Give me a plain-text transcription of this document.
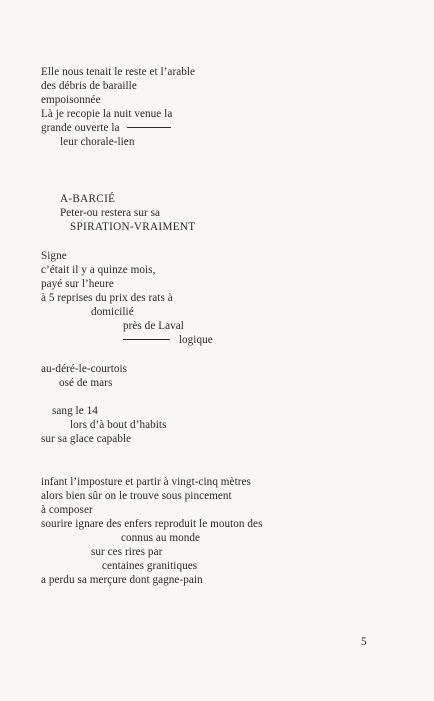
Elle nous tenait le reste et l’arable
des débris de baraille
empoisonnée
Là je recopie la nuit venue la
grande ouverte la
leur chorale-lien
A-BARCIÉ
Peter-ou restera sur sa
SPIRATION-VRAIMENT
Signe
c’était il y a quinze mois,
payé sur l’heure
à 5 reprises du prix des rats à
domicilié
près de Laval
logique
au-déré-le-courtois
osé de mars
sang le 14
lors d’à bout d’habits
sur sa glace capable
infant l’imposture et partir à vingt-cinq mètres
alors bien sûr on le trouve sous pincement
à composer
sourire ignare des enfers reproduit le mouton des
connus au monde
sur ces rires par
centaines granitiques
a perdu sa merçure dont gagne-pain
5
